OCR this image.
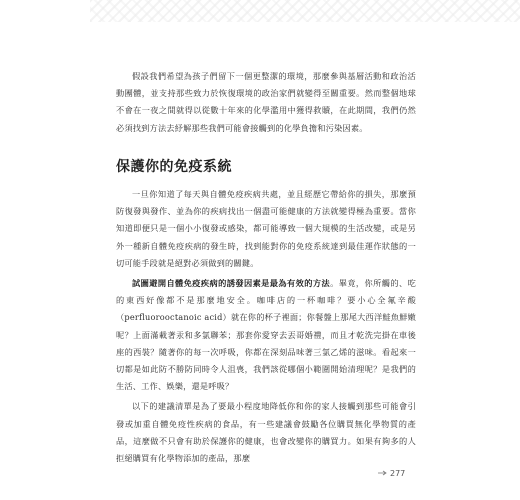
假設我們希望為孩子們留下一個更整潔的環境，那麼參與基層活動和政治活動團體，並支持那些致力於恢復環境的政治家們就變得至關重要。然而整個地球不會在一夜之間就得以從數十年來的化學濫用中獲得救贖，在此期間，我們仍然必須找到方法去紓解那些我們可能會接觸到的化學負擔和污染因素。

保護你的免疫系統

一旦你知道了每天與自體免疫疾病共處，並且經歷它帶給你的損失，那麼預防復發與發作、並為你的疾病找出一個盡可能健康的方法就變得極為重要。當你知道即便只是一個小小復發或感染，都可能導致一個大規模的生活改變，或是另外一種新自體免疫疾病的發生時，找到能對你的免疫系統達到最佳運作狀態的一切可能手段就是絕對必須做到的關鍵。

試圖避開自體免疫疾病的誘發因素是最為有效的方法。畢竟，你所觸的、吃的東西好像都不是那麼地安全。咖啡店的一杯咖啡？要小心全氟辛酸（perfluorooctanoic acid）就在你的杯子裡面；你餐盤上那尾大西洋鮭魚鮮嫩呢？上面滿載著汞和多氯聯苯；那套你愛穿去丟哥婚禮，而且才乾洗完掛在車後座的西裝？隨著你的每一次呼吸，你都在深刻品味著三氯乙烯的滋味。看起來一切都是如此防不勝防同時令人沮喪，我們該從哪個小範圍開始清理呢？是我們的生活、工作、娛樂，還是呼吸？

以下的建議清單是為了要最小程度地降低你和你的家人接觸到那些可能會引發或加重自體免疫性疾病的食品，有一些建議會鼓勵各位購買無化學物質的產品，這麼做不只會有助於保護你的健康，也會改變你的購買力。如果有夠多的人拒絕購買有化學物添加的產品，那麼

277
